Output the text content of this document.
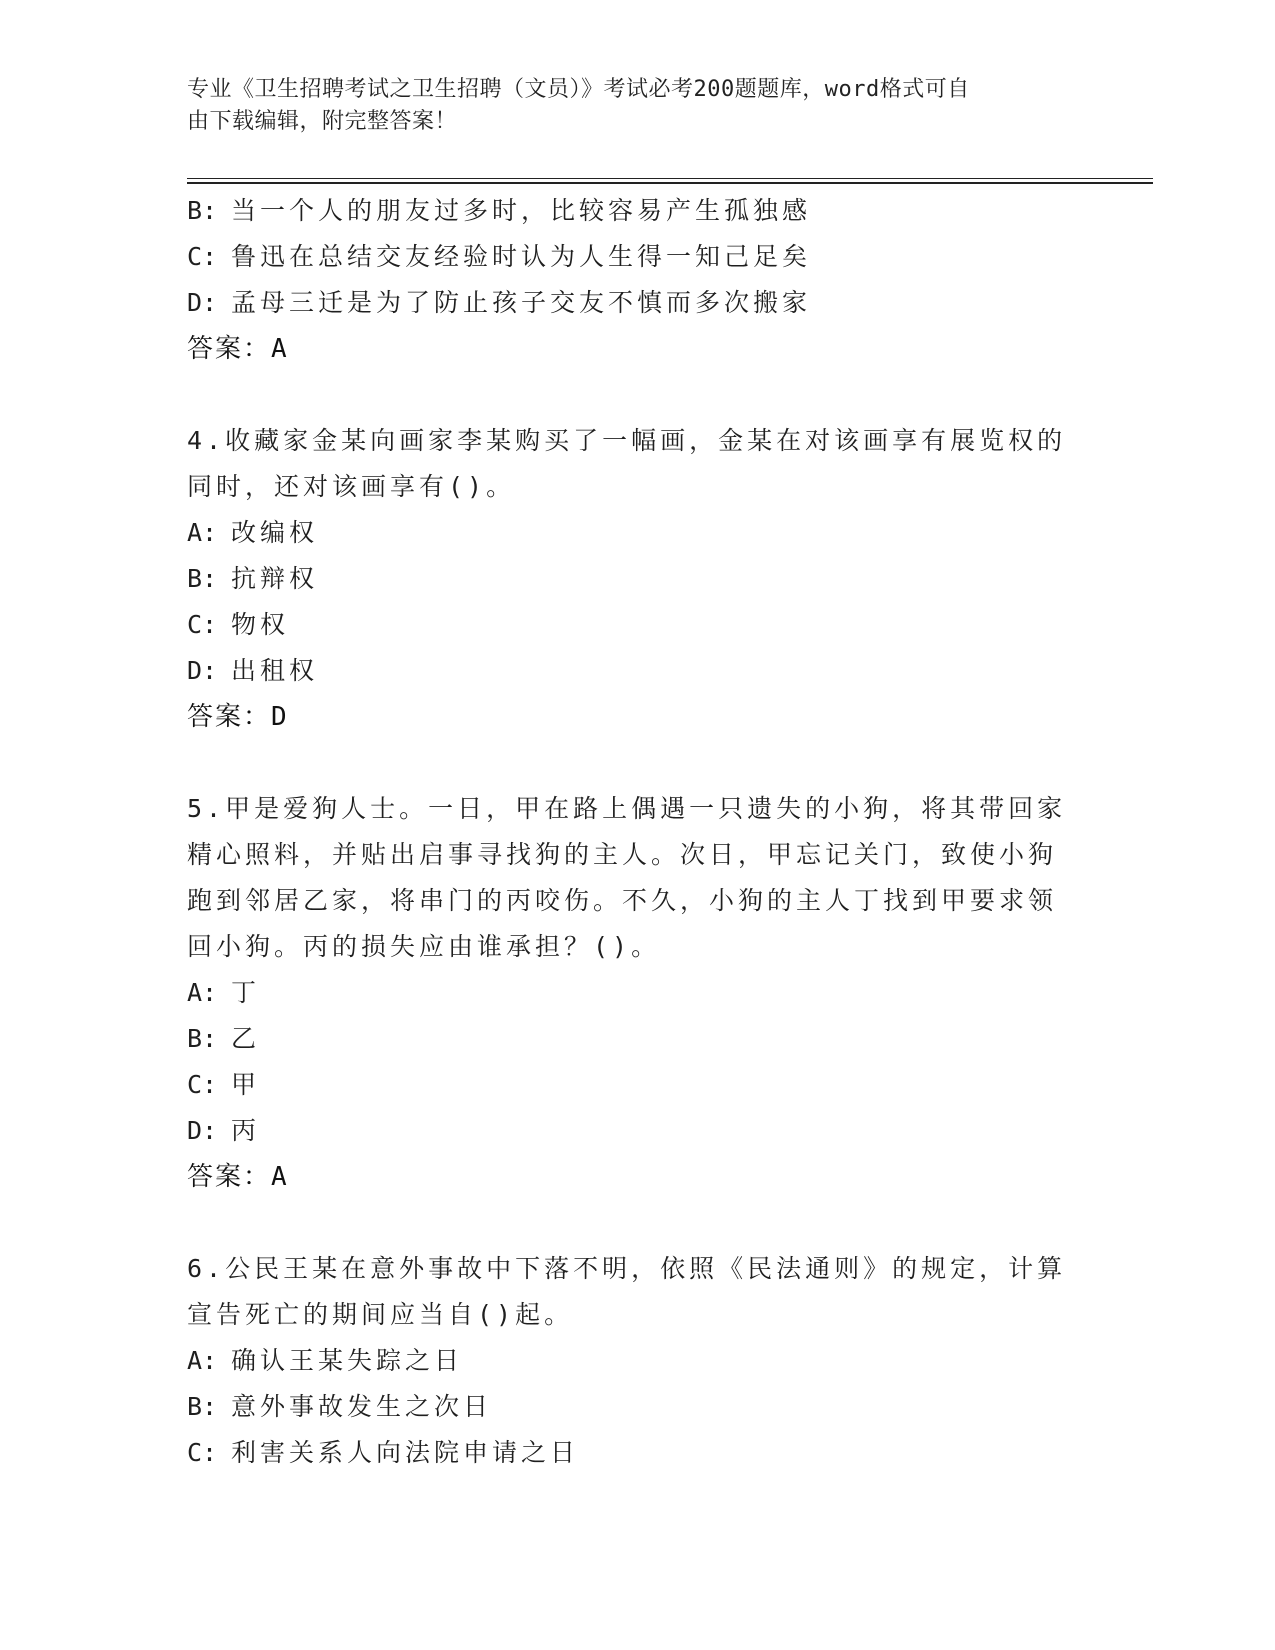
专业《卫生招聘考试之卫生招聘（文员）》考试必考200题题库，word格式可自
由下载编辑，附完整答案！
B: 当一个人的朋友过多时，比较容易产生孤独感
C: 鲁迅在总结交友经验时认为人生得一知己足矣
D: 孟母三迁是为了防止孩子交友不慎而多次搬家
答案：A
4.收藏家金某向画家李某购买了一幅画，金某在对该画享有展览权的
同时，还对该画享有()。
A: 改编权
B: 抗辩权
C: 物权
D: 出租权
答案：D
5.甲是爱狗人士。一日，甲在路上偶遇一只遗失的小狗，将其带回家
精心照料，并贴出启事寻找狗的主人。次日，甲忘记关门，致使小狗
跑到邻居乙家，将串门的丙咬伤。不久，小狗的主人丁找到甲要求领
回小狗。丙的损失应由谁承担？()。
A: 丁
B: 乙
C: 甲
D: 丙
答案：A
6.公民王某在意外事故中下落不明，依照《民法通则》的规定，计算
宣告死亡的期间应当自()起。
A: 确认王某失踪之日
B: 意外事故发生之次日
C: 利害关系人向法院申请之日
